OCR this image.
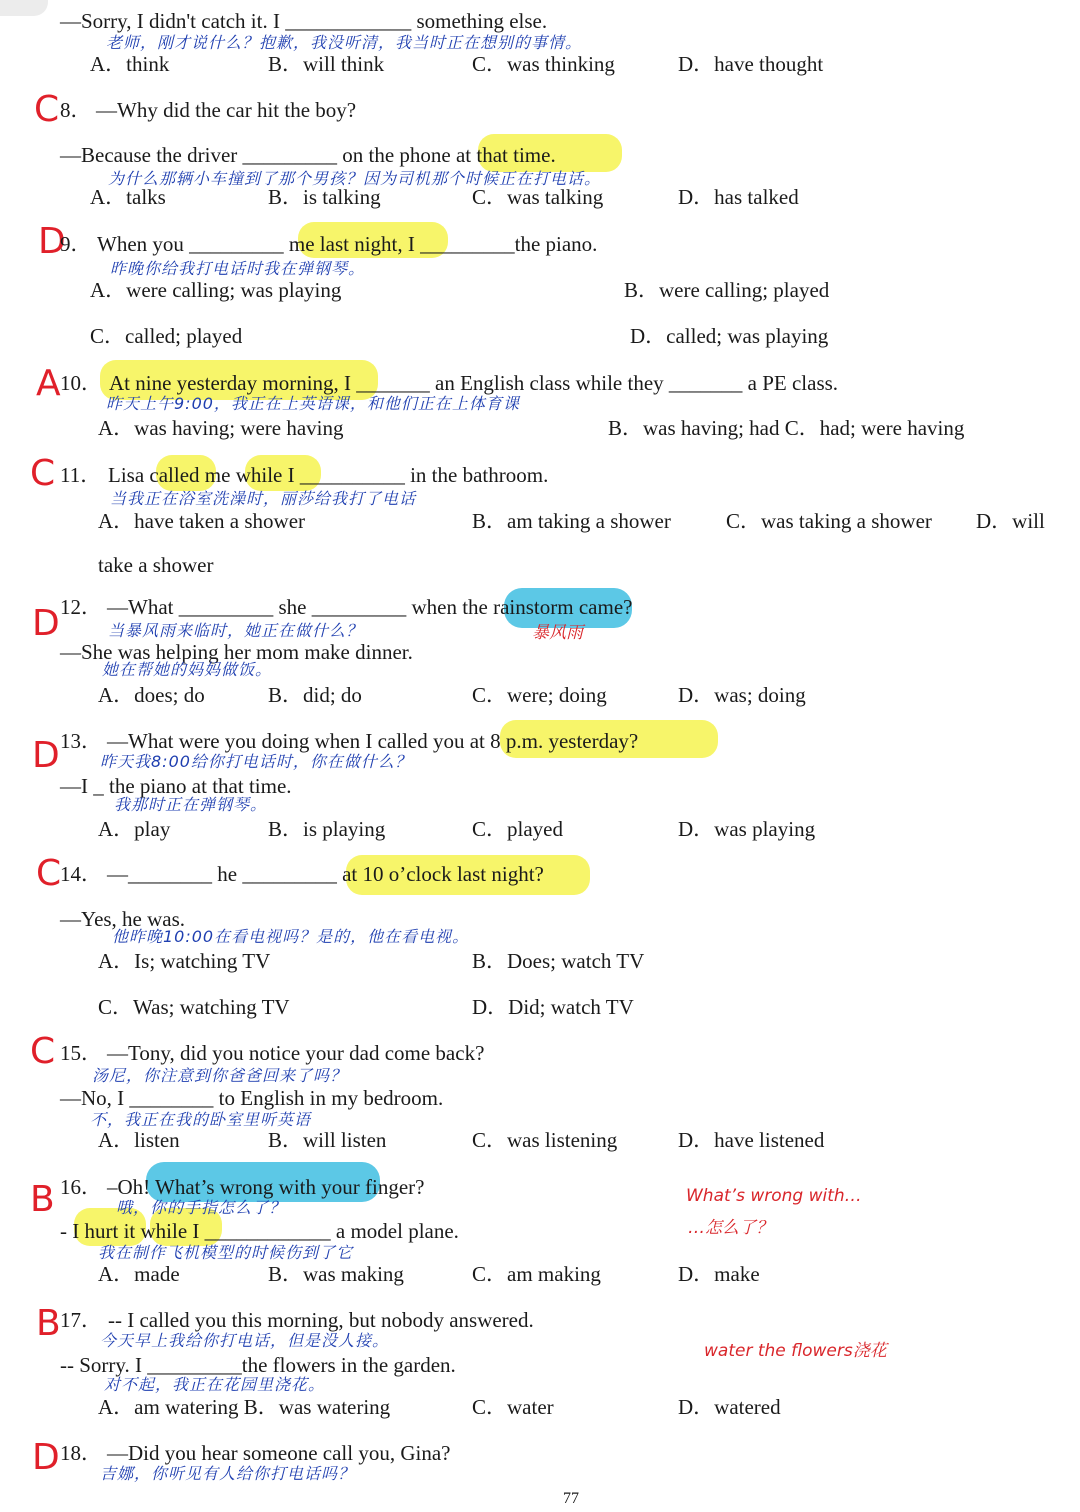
—Sorry, I didn't catch it. I ____________ something else.
老师，刚才说什么？抱歉，我没听清，我当时正在想别的事情。
A．think	B．will think	C．was thinking	D．have thought
C 8． —Why did the car hit the boy?
—Because the driver _________ on the phone at that time.
为什么那辆小车撞到了那个男孩？因为司机那个时候正在打电话。
A．talks	B．is talking	C．was talking	D．has talked
D
9． When you _________ me last night, I _________the piano.
昨晚你给我打电话时我在弹钢琴。
A．were calling; was playing	B．were calling; played
C．called; played	D．called; was playing
A 10． At nine yesterday morning, I _______ an English class while they _______ a PE class.
昨天上午9:00，我正在上英语课，和他们正在上体育课
A．was having; were having	B．was having; had C．had; were having
C 11． Lisa called me while I __________ in the bathroom.
当我正在浴室洗澡时，丽莎给我打了电话
A．have taken a shower	B．am taking a shower	C．was taking a shower D．will
take a shower
D 12． —What _________ she _________ when the rainstorm came?
当暴风雨来临时，她正在做什么？	暴风雨
—She was helping her mom make dinner.
她在帮她的妈妈做饭。
A．does; do	B．did; do	C．were; doing	D．was; doing
D 13． —What were you doing when I called you at 8 p.m. yesterday?
昨天我8:00给你打电话时，你在做什么？
—I _ the piano at that time.
我那时正在弹钢琴。
A．play	B．is playing	C．played	D．was playing
C
14． —________ he _________ at 10 o’clock last night?
—Yes, he was.
他昨晚10:00在看电视吗？是的，他在看电视。
A．Is; watching TV	B．Does; watch TV
C．Was; watching TV	D．Did; watch TV
C 15． —Tony, did you notice your dad come back?
汤尼，你注意到你爸爸回来了吗？
—No, I ________ to English in my bedroom.
不，我正在我的卧室里听英语
A．listen	B．will listen	C．was listening	D．have listened
B 16． –Oh! What’s wrong with your finger?
哦，你的手指怎么了？
What’s wrong with…
…怎么了？
- I hurt it while I ____________ a model plane.
我在制作飞机模型的时候伤到了它
A．made	B．was making	C．am making	D．make
B 17． -- I called you this morning, but nobody answered.
今天早上我给你打电话，但是没人接。
water the flowers浇花
-- Sorry. I _________the flowers in the garden.
对不起，我正在花园里浇花。
A．am watering B．was watering	C．water	D．watered
D 18． —Did you hear someone call you, Gina?
吉娜，你听见有人给你打电话吗？
77
